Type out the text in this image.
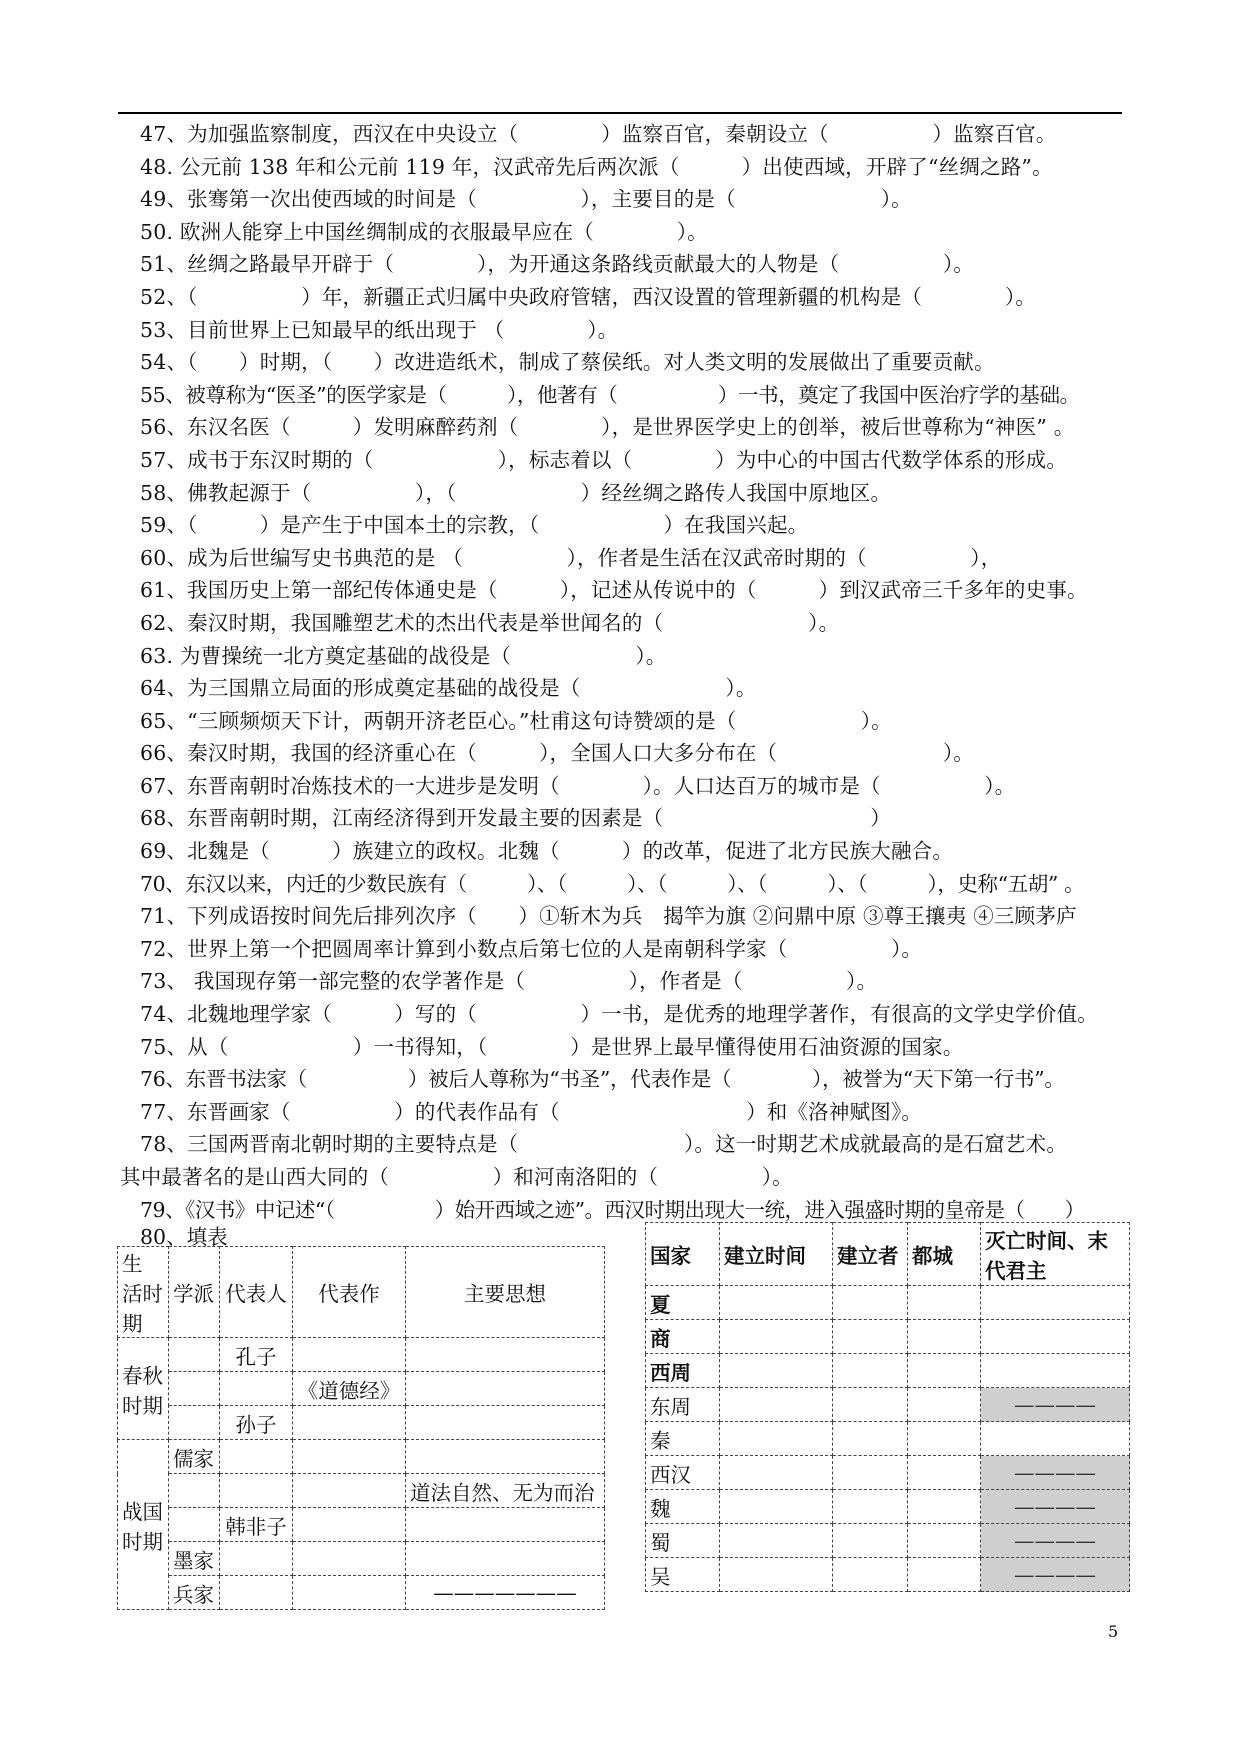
47、为加强监察制度，西汉在中央设立（　　　　）监察百官，秦朝设立（　　　　　）监察百官。
48. 公元前 138 年和公元前 119 年，汉武帝先后两次派（　　　）出使西域，开辟了“丝绸之路”。
49、张骞第一次出使西域的时间是（　　　　　），主要目的是（　　　　　　　）。
50. 欧洲人能穿上中国丝绸制成的衣服最早应在（　　　　）。
51、丝绸之路最早开辟于（　　　　），为开通这条路线贡献最大的人物是（　　　　　）。
52、（　　　　　）年，新疆正式归属中央政府管辖，西汉设置的管理新疆的机构是（　　　　）。
53、目前世界上已知最早的纸出现于 （　　　　）。
54、（　　）时期，（　　）改进造纸术，制成了蔡侯纸。对人类文明的发展做出了重要贡献。
55、被尊称为“医圣”的医学家是（　　　），他著有（　　　　　）一书，奠定了我国中医治疗学的基础。
56、东汉名医（　　　）发明麻醉药剂（　　　　），是世界医学史上的创举，被后世尊称为“神医” 。
57、成书于东汉时期的（　　　　　　），标志着以（　　　　）为中心的中国古代数学体系的形成。
58、佛教起源于（　　　　　），（　　　　　　）经丝绸之路传人我国中原地区。
59、（　　　）是产生于中国本土的宗教，（　　　　　　）在我国兴起。
60、成为后世编写史书典范的是 （　　　　　），作者是生活在汉武帝时期的（　　　　　），
61、我国历史上第一部纪传体通史是（　　　），记述从传说中的（　　　）到汉武帝三千多年的史事。
62、秦汉时期，我国雕塑艺术的杰出代表是举世闻名的（　　　　　　　）。
63. 为曹操统一北方奠定基础的战役是（　　　　　　）。
64、为三国鼎立局面的形成奠定基础的战役是（　　　　　　　）。
65、“三顾频烦天下计，两朝开济老臣心。”杜甫这句诗赞颂的是（　　　　　　）。
66、秦汉时期，我国的经济重心在（　　　），全国人口大多分布在（　　　　　　　　）。
67、东晋南朝时冶炼技术的一大进步是发明（　　　　）。人口达百万的城市是（　　　　　）。
68、东晋南朝时期，江南经济得到开发最主要的因素是（　　　　　　　　　　）
69、北魏是（　　　）族建立的政权。北魏（　　　）的改革，促进了北方民族大融合。
70、东汉以来，内迁的少数民族有（　　　）、（　　　）、（　　　）、（　　　）、（　　　），史称“五胡” 。
71、下列成语按时间先后排列次序（　　）①斩木为兵　揭竿为旗 ②问鼎中原 ③尊王攘夷 ④三顾茅庐
72、世界上第一个把圆周率计算到小数点后第七位的人是南朝科学家（　　　　　）。
73、 我国现存第一部完整的农学著作是（　　　　　），作者是（　　　　　）。
74、北魏地理学家（　　　）写的（　　　　　）一书，是优秀的地理学著作，有很高的文学史学价值。
75、从（　　　　　　）一书得知，（　　　　）是世界上最早懂得使用石油资源的国家。
76、东晋书法家（　　　　　）被后人尊称为“书圣”，代表作是（　　　　），被誉为“天下第一行书”。
77、东晋画家（　　　　　）的代表作品有（　　　　　　　　　）和《洛神赋图》。
78、三国两晋南北朝时期的主要特点是（　　　　　　　　）。这一时期艺术成就最高的是石窟艺术。
其中最著名的是山西大同的（　　　　　）和河南洛阳的（　　　　　）。
79、《汉书》中记述“（　　　　　）始开西域之迹”。西汉时期出现大一统，进入强盛时期的皇帝是（　　）
80、填表
生 活时期	学派	代表人	代表作	主要思想
春秋时期		孔子		
			《道德经》	
		孙子		
战国时期	儒家			
				道法自然、无为而治
		韩非子		
	墨家			
	兵家			———————
国家	建立时间	建立者	都城	灭亡时间、末代君主
夏				
商				
西周				
东周				————
秦				
西汉				————
魏				————
蜀				————
吴				————
5
